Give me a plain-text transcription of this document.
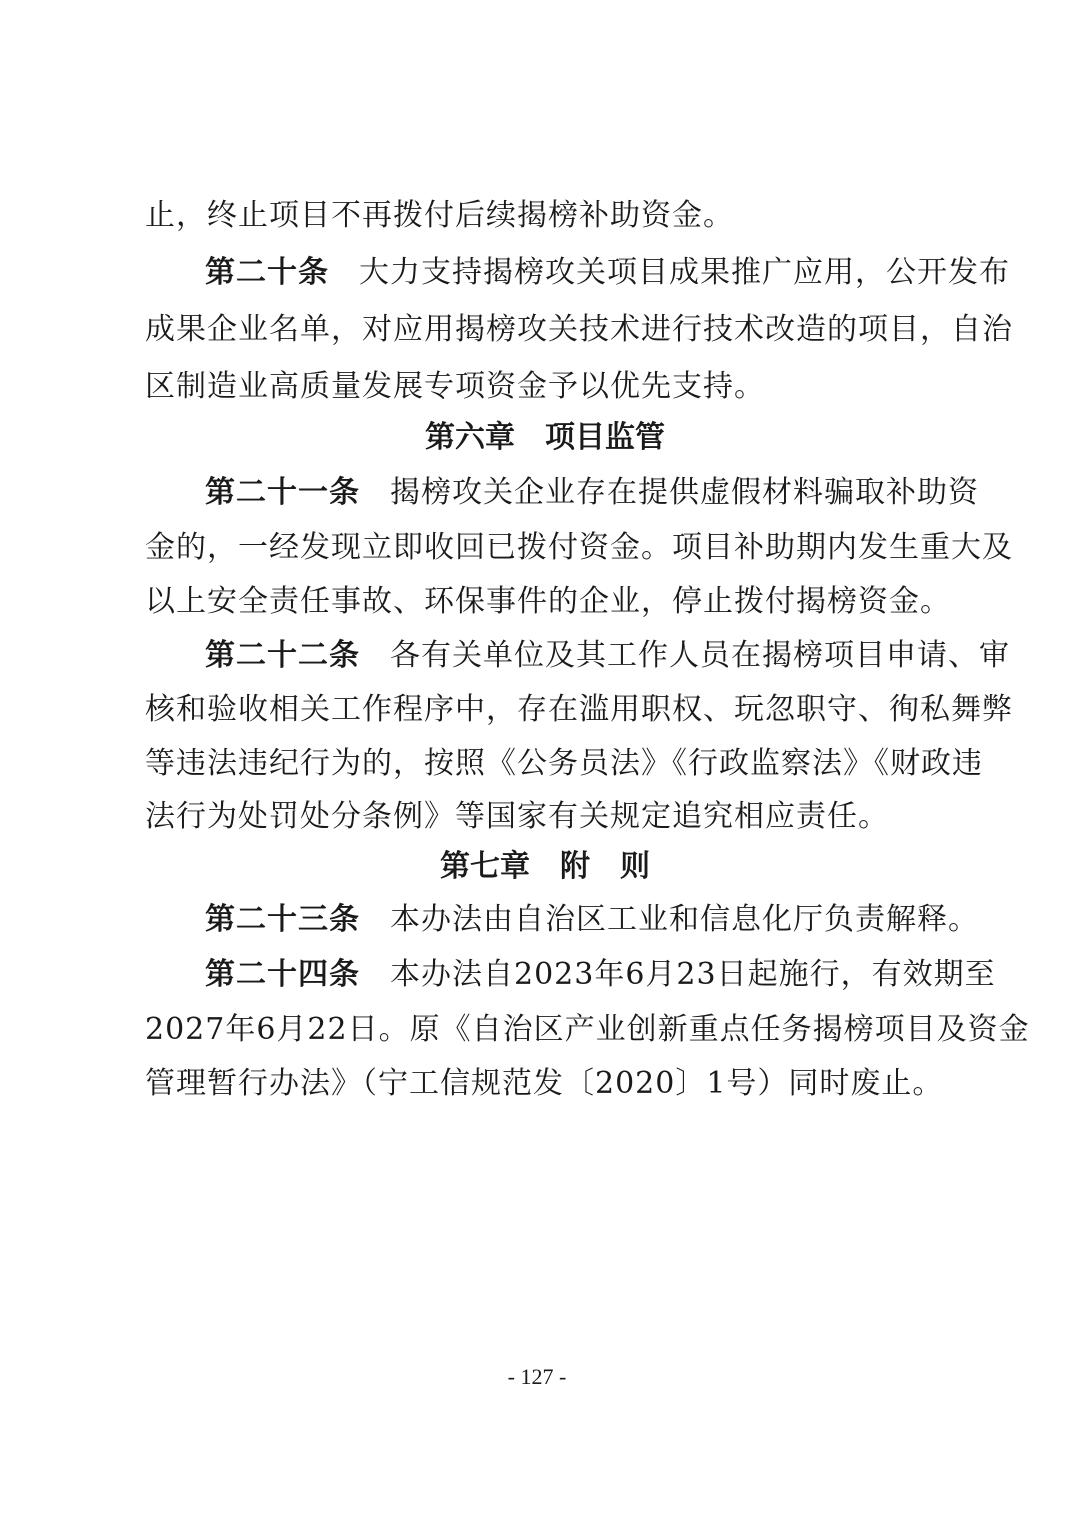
止，终止项目不再拨付后续揭榜补助资金。
第二十条 大力支持揭榜攻关项目成果推广应用，公开发布
成果企业名单，对应用揭榜攻关技术进行技术改造的项目，自治
区制造业高质量发展专项资金予以优先支持。
第六章　项目监管
第二十一条 揭榜攻关企业存在提供虚假材料骗取补助资
金的，一经发现立即收回已拨付资金。项目补助期内发生重大及
以上安全责任事故、环保事件的企业，停止拨付揭榜资金。
第二十二条 各有关单位及其工作人员在揭榜项目申请、审
核和验收相关工作程序中，存在滥用职权、玩忽职守、徇私舞弊
等违法违纪行为的，按照《公务员法》《行政监察法》《财政违
法行为处罚处分条例》等国家有关规定追究相应责任。
第七章　附　则
第二十三条 本办法由自治区工业和信息化厅负责解释。
第二十四条 本办法自2023年6月23日起施行，有效期至
2027年6月22日。原《自治区产业创新重点任务揭榜项目及资金
管理暂行办法》（宁工信规范发〔2020〕1号）同时废止。
- 127 -
